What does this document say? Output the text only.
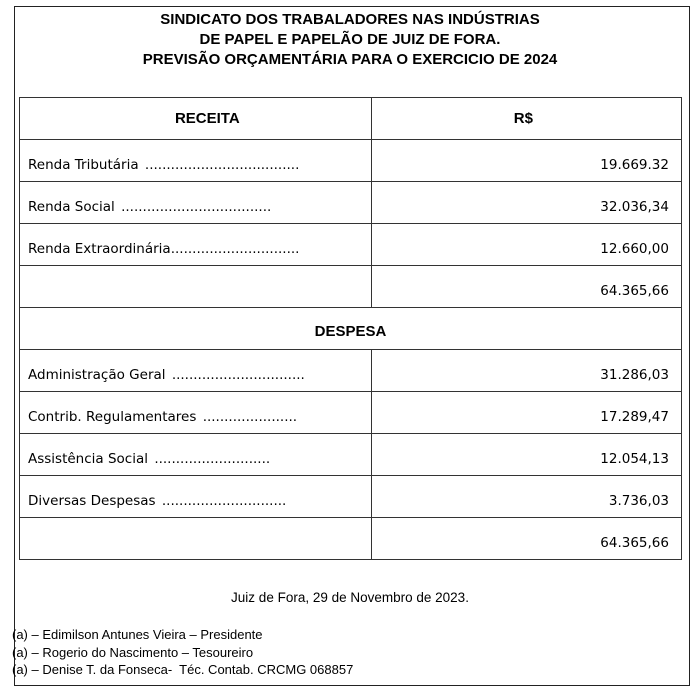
SINDICATO DOS TRABALADORES NAS INDÚSTRIAS
DE PAPEL E PAPELÃO DE JUIZ DE FORA.
PREVISÃO ORÇAMENTÁRIA PARA O EXERCICIO DE 2024
RECEITA	R$
Renda Tributária ....................................	19.669.32
Renda Social ...................................	32.036,34
Renda Extraordinária..............................	12.660,00
	64.365,66
DESPESA	
Administração Geral ...............................	31.286,03
Contrib. Regulamentares ......................	17.289,47
Assistência Social ...........................	12.054,13
Diversas Despesas .............................	3.736,03
	64.365,66
Juiz de Fora, 29 de Novembro de 2023.
(a) – Edimilson Antunes Vieira – Presidente
(a) – Rogerio do Nascimento – Tesoureiro
(a) – Denise T. da Fonseca-  Téc. Contab. CRCMG 068857
